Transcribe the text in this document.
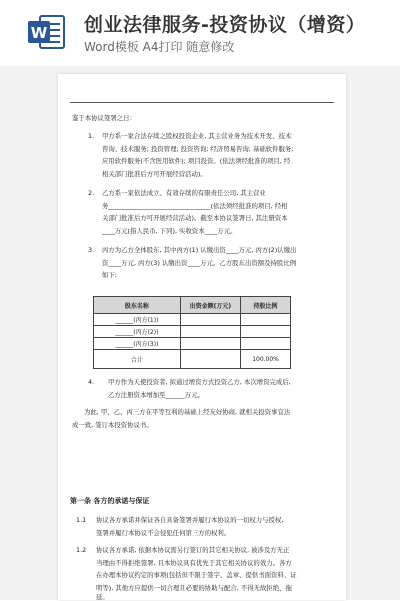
W 创业法律服务-投资协议（增资）
Word模板 A4打印 随意修改
鉴于本协议签署之日：
1. 甲方系一家合法存续之股权投资企业, 其主营业务为技术开发、技术
咨询、技术服务; 投资管理; 投资咨询; 经济贸易咨询; 基础软件服务;
应用软件服务(不含医用软件); 项目投资。(依法须经批准的项目, 经
相关部门批准后方可开展经营活动)。
2. 乙方系一家依法成立、有效存续的有限责任公司, 其主营业
务________________________________(依法须经批准的项目, 经相
关部门批准后方可开展经营活动)。截至本协议签署日, 其注册资本
____万元(指人民币, 下同), 实收资本____万元。
3. 丙方为乙方全体股东, 其中丙方(1) 认缴出资____万元, 丙方(2)认缴出
资____万元, 丙方(3) 认缴出资____万元。乙方股东出资额及持股比例
如下:
股东名称	出资金额(万元)	持股比例
______(丙方(1))		
______(丙方(2))		
______(丙方(3))		
合计		100.00%
4. 甲方作为天使投资者, 拟通过增资方式投资乙方, 本次增资完成后,
乙方注册资本增加至______万元。
为此, 甲、乙、丙三方在平等互利的基础上经友好协商, 就相关投资事宜达
成一致, 签订本投资协议书。
第一条 各方的承诺与保证
1.1 协议各方承诺并保证各自具备签署并履行本协议的一切权力与授权,
签署并履行本协议不会侵犯任何第三方的权利。
1.2 协议各方承诺, 依据本协议需另行签订的其它相关协议, 被涉及方无正
当理由不得拒绝签署, 且本协议具有优先于其它相关协议的效力。各方
在办理本协议约定的事项(包括但不限于签字、盖章、提供书面资料、证
明等), 其他方应提供一切合理且必要的协助与配合, 不得无故拒绝、拖
延。
